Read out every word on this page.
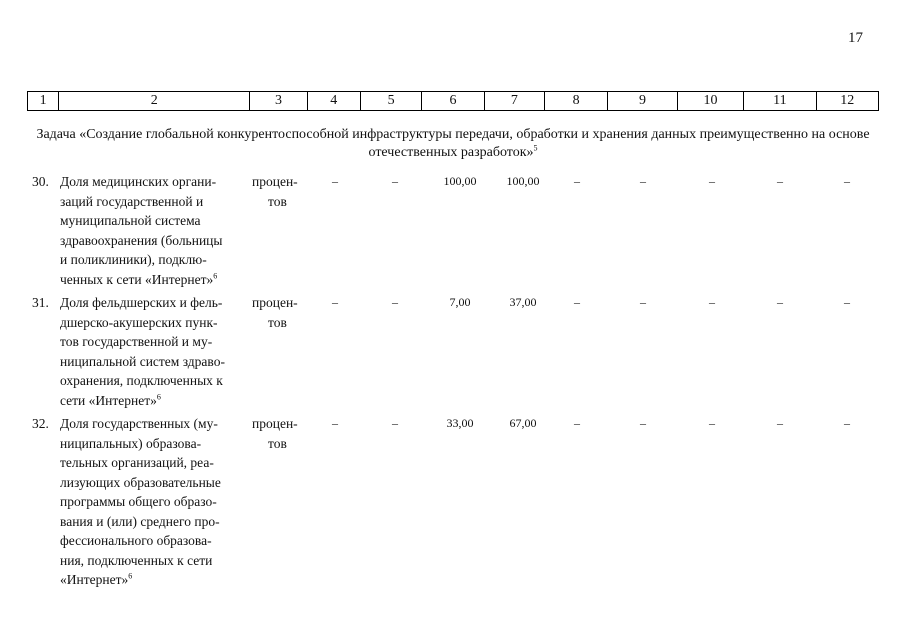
17
1	2	3	4	5	6	7	8	9	10	11	12
Задача «Создание глобальной конкурентоспособной инфраструктуры передачи, обработки и хранения данных преимущественно на основе отечественных разработок»$^5$
30. Доля медицинских органи-
заций государственной и
муниципальной система
здравоохранения (больницы
и поликлиники), подклю-
ченных к сети «Интернет»$^6$
процен-
тов
–	–	100,00	100,00	–	–	–	–	–
31. Доля фельдшерских и фель-
дшерско-акушерских пунк-
тов государственной и му-
ниципальной систем здраво-
охранения, подключенных к
сети «Интернет»$^6$
процен-
тов
–	–	7,00	37,00	–	–	–	–	–
32. Доля государственных (му-
ниципальных) образова-
тельных организаций, реа-
лизующих образовательные
программы общего образо-
вания и (или) среднего про-
фессионального образова-
ния, подключенных к сети
«Интернет»$^6$
процен-
тов
–	–	33,00	67,00	–	–	–	–	–
